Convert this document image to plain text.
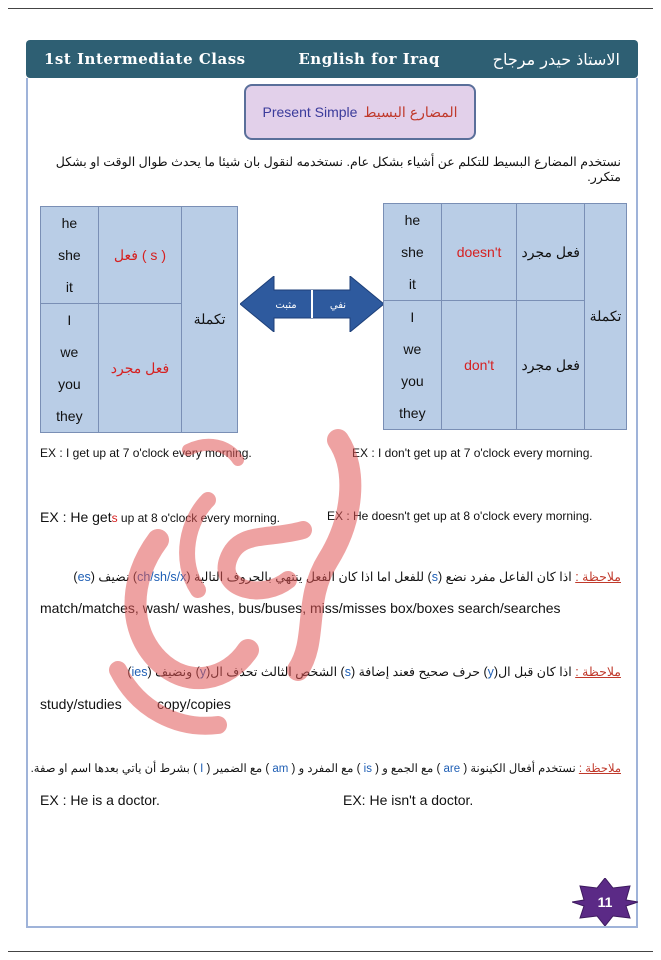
1st Intermediate Class	English for Iraq	الاستاذ حيدر مرجاح
Present Simple المضارع البسيط
نستخدم المضارع البسيط للتكلم عن أشياء بشكل عام. نستخدمه لنقول بان شيئا ما يحدث طوال الوقت او بشكل متكرر.
he
she
it	فعل ( s )	تكملة

I
we
you
they	فعل مجرد	
مثبت	نفي
he
she
it	doesn't	فعل مجرد	تكملة

I
we
you
they	don't	فعل مجرد	
EX : I get up at 7 o'clock every morning.	EX : I don't get up at 7 o'clock every morning.
EX : He gets up at 8 o'clock every morning.	EX : He doesn't get up at 8 o'clock every morning.
ملاحظة : اذا كان الفاعل مفرد نضع (s) للفعل اما اذا كان الفعل ينتهي بالحروف التالية (ch/sh/s/x) نضيف (es)
match/matches, wash/ washes, bus/buses, miss/misses box/boxes search/searches
ملاحظة : اذا كان قبل ال(y) حرف صحيح فعند إضافة (s) الشخص الثالث تحذف ال(y) ونضيف (ies)
study/studies	copy/copies
ملاحظة : نستخدم أفعال الكينونة ( are ) مع الجمع و ( is ) مع المفرد و ( am ) مع الضمير ( I ) بشرط أن ياتي بعدها اسم او صفة.
EX : He is a doctor.	EX: He isn't a doctor.
11
